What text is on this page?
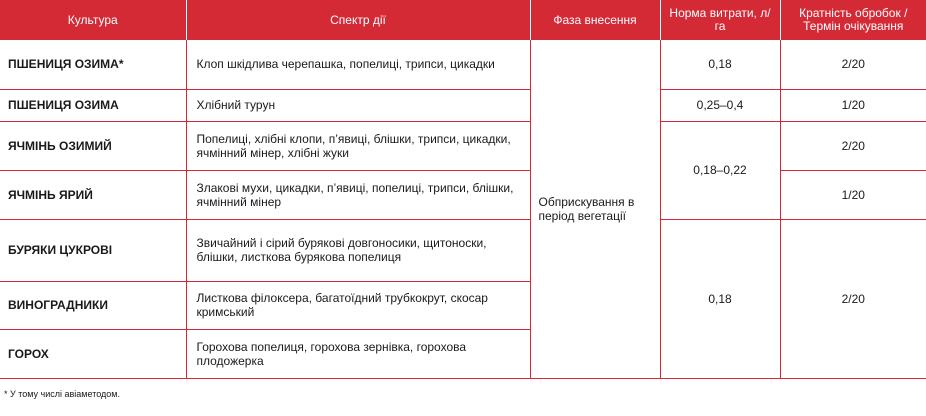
Культура	Спектр дії	Фаза внесення	Норма витрати, л/га	Кратність обробок / Термін очікування
ПШЕНИЦЯ ОЗИМА*	Клоп шкідлива черепашка, попелиці, трипси, цикадки	Обприскування в період вегетації	0,18	2/20
ПШЕНИЦЯ ОЗИМА	Хлібний турун		0,25–0,4	1/20
ЯЧМІНЬ ОЗИМИЙ	Попелиці, хлібні клопи, п’явиці, блішки, трипси, цикадки, ячмінний мінер, хлібні жуки		0,18–0,22	2/20
ЯЧМІНЬ ЯРИЙ	Злакові мухи, цикадки, п’явиці, попелиці, трипси, блішки, ячмінний мінер			1/20
БУРЯКИ ЦУКРОВІ	Звичайний і сірий бурякові довгоносики, щитоноски, блішки, листкова бурякова попелиця		0,18	2/20
ВИНОГРАДНИКИ	Листкова філоксера, багатоїдний трубкокрут, скосар кримський			
ГОРОХ	Горохова попелиця, горохова зернівка, горохова плодожерка			
* У тому числі авіаметодом.
